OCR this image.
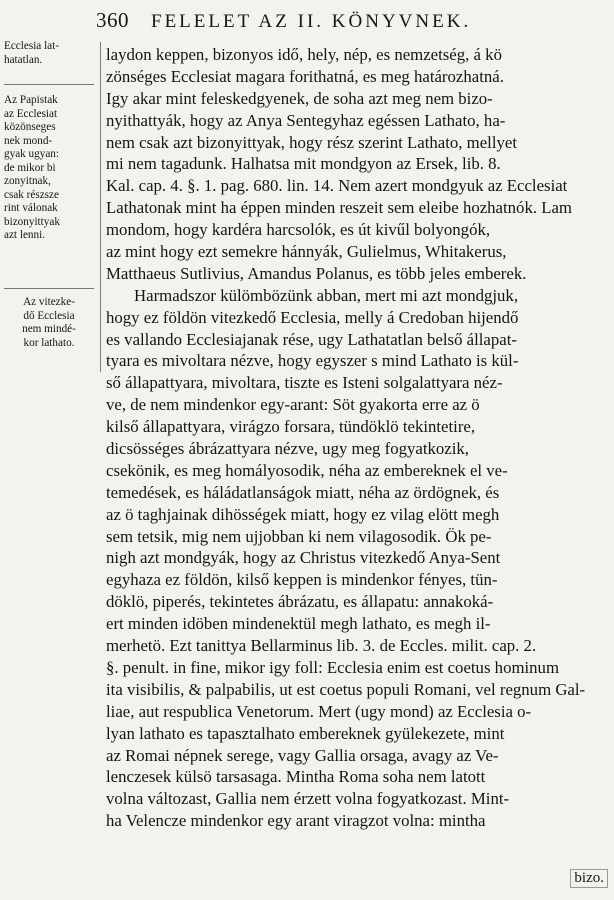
360 FELELET AZ II. KÖNYVNEK.
Ecclesia lat-
hatatlan.
Az Papistak
az Ecclesiat
közönseges
nek mond-
gyak ugyan:
de mikor bi
zonyitnak,
csak részsze
rint válonak
bizonyittyak
azt lenni.
Az vitezke-
dő Ecclesia
nem mindé-
kor lathato.
laydon keppen, bizonyos idő, hely, nép, es nemzetség, á kö
zönséges Ecclesiat magara forithatná, es meg határozhatná.
Igy akar mint feleskedgyenek, de soha azt meg nem bizo-
nyithattyák, hogy az Anya Sentegyhaz egéssen Lathato, ha-
nem csak azt bizonyittyak, hogy rész szerint Lathato, mellyet
mi nem tagadunk. Halhatsa mit mondgyon az Ersek, lib. 8.
Kal. cap. 4. §. 1. pag. 680. lin. 14. Nem azert mondgyuk az Ecclesiat
Lathatonak mint ha éppen minden reszeit sem eleibe hozhatnók. Lam
mondom, hogy kardéra harcsolók, es út kivűl bolyongók,
az mint hogy ezt semekre hánnyák, Gulielmus, Whitakerus,
Matthaeus Sutlivius, Amandus Polanus, es több jeles emberek.
Harmadszor külömbözünk abban, mert mi azt mondgjuk,
hogy ez földön vitezkedő Ecclesia, melly á Credoban hijendő
es vallando Ecclesiajanak rése, ugy Lathatatlan belső állapat-
tyara es mivoltara nézve, hogy egyszer s mind Lathato is kül-
ső állapattyara, mivoltara, tiszte es Isteni solgalattyara néz-
ve, de nem mindenkor egy-arant: Söt gyakorta erre az ö
kilső állapattyara, virágzo forsara, tündöklö tekintetire,
dicsösséges ábrázattyara nézve, ugy meg fogyatkozik,
csekönik, es meg homályosodik, néha az embereknek el ve-
temedések, es háládatlanságok miatt, néha az ördögnek, és
az ö taghjainak dihösségek miatt, hogy ez vilag elött megh
sem tetsik, mig nem ujjobban ki nem vilagosodik. Ök pe-
nigh azt mondgyák, hogy az Christus vitezkedő Anya-Sent
egyhaza ez földön, kilső keppen is mindenkor fényes, tün-
döklö, piperés, tekintetes ábrázatu, es állapatu: annakoká-
ert minden idöben mindenektül megh lathato, es megh il-
merhetö. Ezt tanittya Bellarminus lib. 3. de Eccles. milit. cap. 2.
§. penult. in fine, mikor igy foll: Ecclesia enim est coetus hominum
ita visibilis, & palpabilis, ut est coetus populi Romani, vel regnum Gal-
liae, aut respublica Venetorum. Mert (ugy mond) az Ecclesia o-
lyan lathato es tapasztalhato embereknek gyülekezete, mint
az Romai népnek serege, vagy Gallia orsaga, avagy az Ve-
lenczesek külsö tarsasaga. Mintha Roma soha nem latott
volna változast, Gallia nem érzett volna fogyatkozast. Mint-
ha Velencze mindenkor egy arant viragzot volna: mintha
bizo.
